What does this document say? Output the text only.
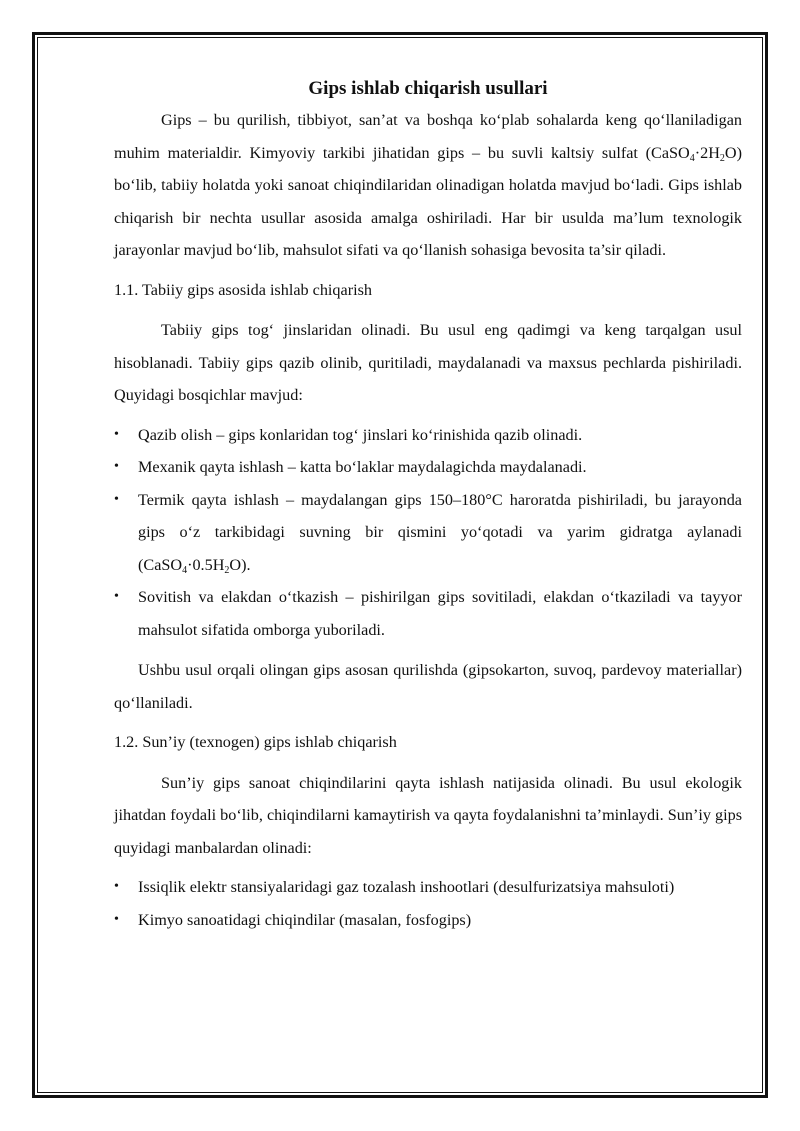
Gips ishlab chiqarish usullari

Gips – bu qurilish, tibbiyot, san’at va boshqa ko‘plab sohalarda keng qo‘llaniladigan muhim materialdir. Kimyoviy tarkibi jihatidan gips – bu suvli kaltsiy sulfat $(CaSO_4\cdot 2H_2O)$ bo‘lib, tabiiy holatda yoki sanoat chiqindilaridan olinadigan holatda mavjud bo‘ladi. Gips ishlab chiqarish bir nechta usullar asosida amalga oshiriladi. Har bir usulda ma’lum texnologik jarayonlar mavjud bo‘lib, mahsulot sifati va qo‘llanish sohasiga bevosita ta’sir qiladi.

1.1. Tabiiy gips asosida ishlab chiqarish

Tabiiy gips tog‘ jinslaridan olinadi. Bu usul eng qadimgi va keng tarqalgan usul hisoblanadi. Tabiiy gips qazib olinib, quritiladi, maydalanadi va maxsus pechlarda pishiriladi. Quyidagi bosqichlar mavjud:

• Qazib olish – gips konlaridan tog‘ jinslari ko‘rinishida qazib olinadi.
• Mexanik qayta ishlash – katta bo‘laklar maydalagichda maydalanadi.
• Termik qayta ishlash – maydalangan gips 150–180°C haroratda pishiriladi, bu jarayonda gips o‘z tarkibidagi suvning bir qismini yo‘qotadi va yarim gidratga aylanadi $(CaSO_4\cdot 0.5H_2O)$.
• Sovitish va elakdan o‘tkazish – pishirilgan gips sovitiladi, elakdan o‘tkaziladi va tayyor mahsulot sifatida omborga yuboriladi.

Ushbu usul orqali olingan gips asosan qurilishda (gipsokarton, suvoq, pardevoy materiallar) qo‘llaniladi.

1.2. Sun’iy (texnogen) gips ishlab chiqarish

Sun’iy gips sanoat chiqindilarini qayta ishlash natijasida olinadi. Bu usul ekologik jihatdan foydali bo‘lib, chiqindilarni kamaytirish va qayta foydalanishni ta’minlaydi. Sun’iy gips quyidagi manbalardan olinadi:

• Issiqlik elektr stansiyalaridagi gaz tozalash inshootlari (desulfurizatsiya mahsuloti)
• Kimyo sanoatidagi chiqindilar (masalan, fosfogips)
